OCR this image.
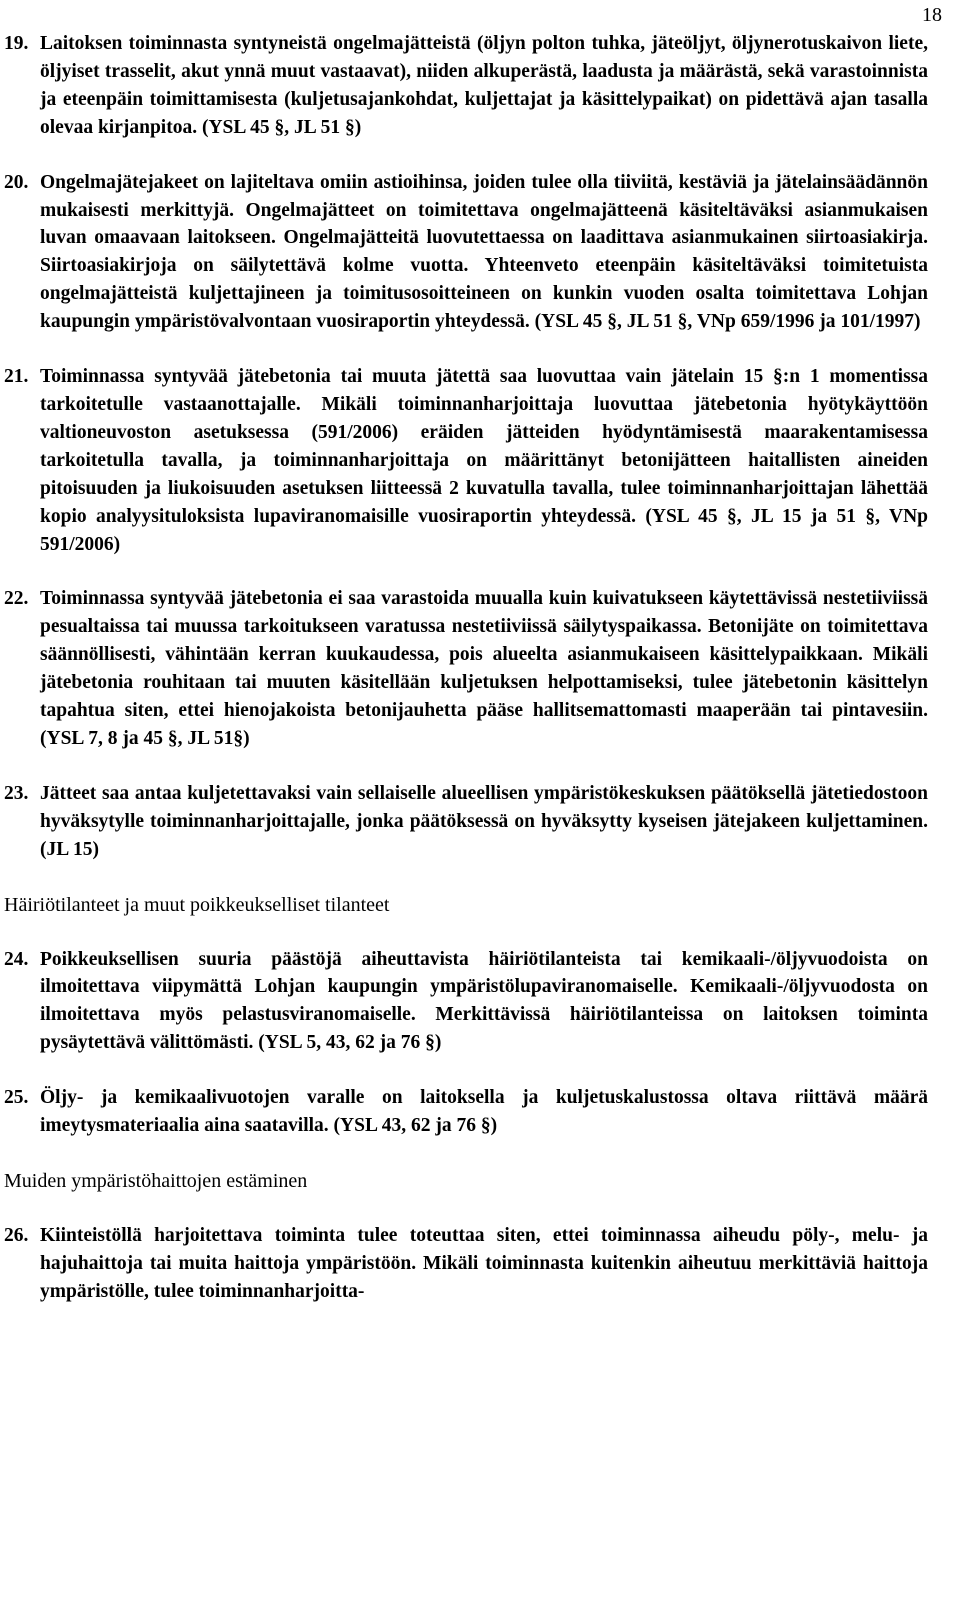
18
19. Laitoksen toiminnasta syntyneistä ongelmajätteistä (öljyn polton tuhka, jäteöljyt, öljynerotuskaivon liete, öljyiset trasselit, akut ynnä muut vastaavat), niiden alkuperästä, laadusta ja määrästä, sekä varastoinnista ja eteenpäin toimittamisesta (kuljetusajankohdat, kuljettajat ja käsittelypaikat) on pidettävä ajan tasalla olevaa kirjanpitoa. (YSL 45 §, JL 51 §)
20. Ongelmajätejakeet on lajiteltava omiin astioihinsa, joiden tulee olla tiiviitä, kestäviä ja jätelainsäädännön mukaisesti merkittyjä. Ongelmajätteet on toimitettava ongelmajätteenä käsiteltäväksi asianmukaisen luvan omaavaan laitokseen. Ongelmajätteitä luovutettaessa on laadittava asianmukainen siirtoasiakirja. Siirtoasiakirjoja on säilytettävä kolme vuotta. Yhteenveto eteenpäin käsiteltäväksi toimitetuista ongelmajätteistä kuljettajineen ja toimitusosoitteineen on kunkin vuoden osalta toimitettava Lohjan kaupungin ympäristövalvontaan vuosiraportin yhteydessä. (YSL 45 §, JL 51 §, VNp 659/1996 ja 101/1997)
21. Toiminnassa syntyvää jätebetonia tai muuta jätettä saa luovuttaa vain jätelain 15 §:n 1 momentissa tarkoitetulle vastaanottajalle. Mikäli toiminnanharjoittaja luovuttaa jätebetonia hyötykäyttöön valtioneuvoston asetuksessa (591/2006) eräiden jätteiden hyödyntämisestä maarakentamisessa tarkoitetulla tavalla, ja toiminnanharjoittaja on määrittänyt betonijätteen haitallisten aineiden pitoisuuden ja liukoisuuden asetuksen liitteessä 2 kuvatulla tavalla, tulee toiminnanharjoittajan lähettää kopio analyysituloksista lupaviranomaisille vuosiraportin yhteydessä. (YSL 45 §, JL 15 ja 51 §, VNp 591/2006)
22. Toiminnassa syntyvää jätebetonia ei saa varastoida muualla kuin kuivatukseen käytettävissä nestetiiviissä pesualtaissa tai muussa tarkoitukseen varatussa nestetiiviissä säilytyspaikassa. Betonijäte on toimitettava säännöllisesti, vähintään kerran kuukaudessa, pois alueelta asianmukaiseen käsittelypaikkaan. Mikäli jätebetonia rouhitaan tai muuten käsitellään kuljetuksen helpottamiseksi, tulee jätebetonin käsittelyn tapahtua siten, ettei hienojakoista betonijauhetta pääse hallitsemattomasti maaperään tai pintavesiin. (YSL 7, 8 ja 45 §, JL 51§)
23. Jätteet saa antaa kuljetettavaksi vain sellaiselle alueellisen ympäristökeskuksen päätöksellä jätetiedostoon hyväksytylle toiminnanharjoittajalle, jonka päätöksessä on hyväksytty kyseisen jätejakeen kuljettaminen. (JL 15)
Häiriötilanteet ja muut poikkeukselliset tilanteet
24. Poikkeuksellisen suuria päästöjä aiheuttavista häiriötilanteista tai kemikaali-/öljyvuodoista on ilmoitettava viipymättä Lohjan kaupungin ympäristölupaviranomaiselle. Kemikaali-/öljyvuodosta on ilmoitettava myös pelastusviranomaiselle. Merkittävissä häiriötilanteissa on laitoksen toiminta pysäytettävä välittömästi. (YSL 5, 43, 62 ja 76 §)
25. Öljy- ja kemikaalivuotojen varalle on laitoksella ja kuljetuskalustossa oltava riittävä määrä imeytysmateriaalia aina saatavilla. (YSL 43, 62 ja 76 §)
Muiden ympäristöhaittojen estäminen
26. Kiinteistöllä harjoitettava toiminta tulee toteuttaa siten, ettei toiminnassa aiheudu pöly-, melu- ja hajuhaittoja tai muita haittoja ympäristöön. Mikäli toiminnasta kuitenkin aiheutuu merkittäviä haittoja ympäristölle, tulee toiminnanharjoitta-
